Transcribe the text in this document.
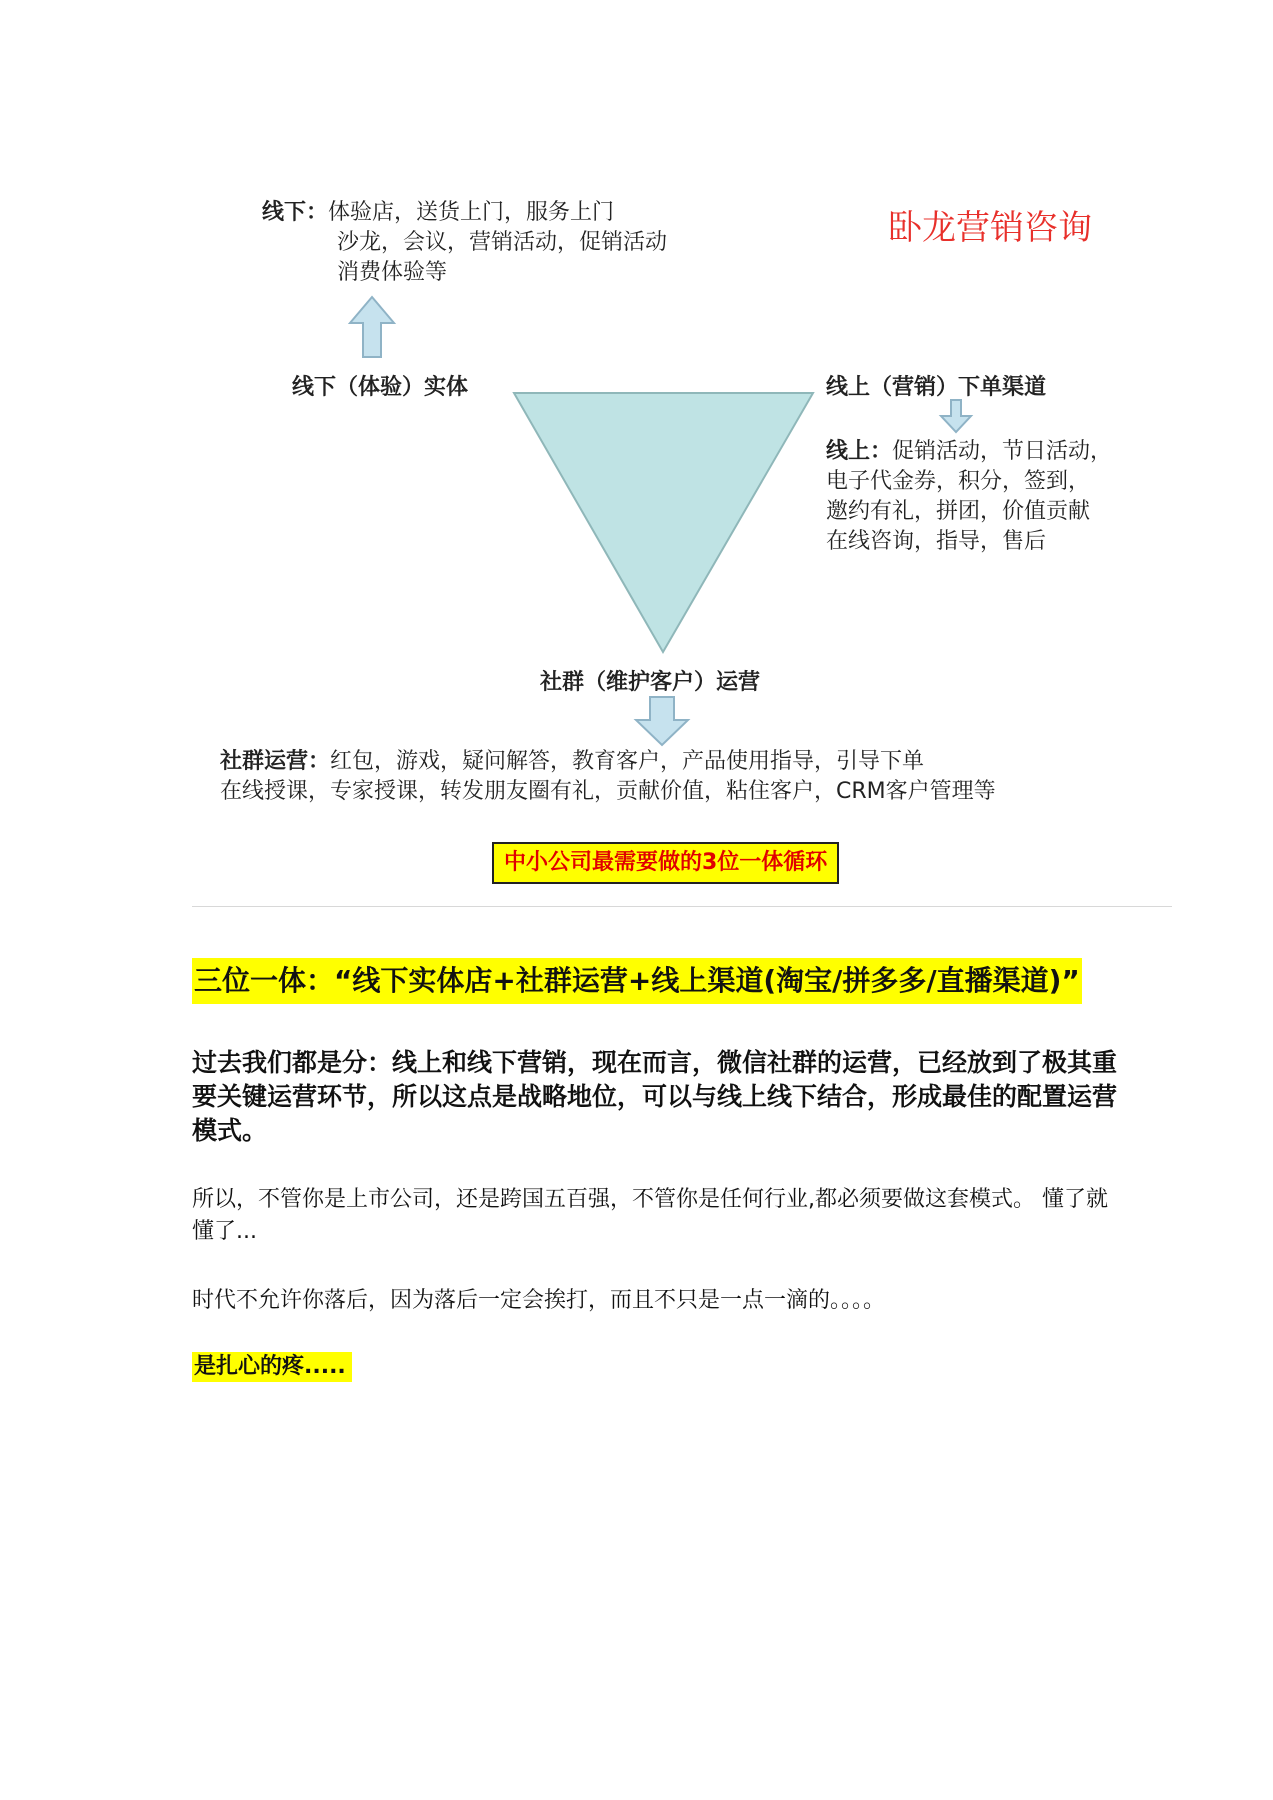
线下：体验店，送货上门，服务上门
沙龙，会议，营销活动，促销活动
消费体验等
卧龙营销咨询
线下（体验）实体	线上（营销）下单渠道
线上：促销活动，节日活动，
电子代金券，积分，签到，
邀约有礼，拼团，价值贡献
在线咨询，指导，售后
社群（维护客户）运营
社群运营：红包，游戏，疑问解答，教育客户，产品使用指导，引导下单
在线授课，专家授课，转发朋友圈有礼，贡献价值，粘住客户，CRM客户管理等
中小公司最需要做的3位一体循环
三位一体：“线下实体店+社群运营+线上渠道(淘宝/拼多多/直播渠道)”
过去我们都是分：线上和线下营销，现在而言，微信社群的运营，已经放到了极其重要关键运营环节，所以这点是战略地位，可以与线上线下结合，形成最佳的配置运营模式。
所以，不管你是上市公司，还是跨国五百强，不管你是任何行业,都必须要做这套模式。 懂了就懂了...
时代不允许你落后，因为落后一定会挨打，而且不只是一点一滴的。。。。
是扎心的疼.....
